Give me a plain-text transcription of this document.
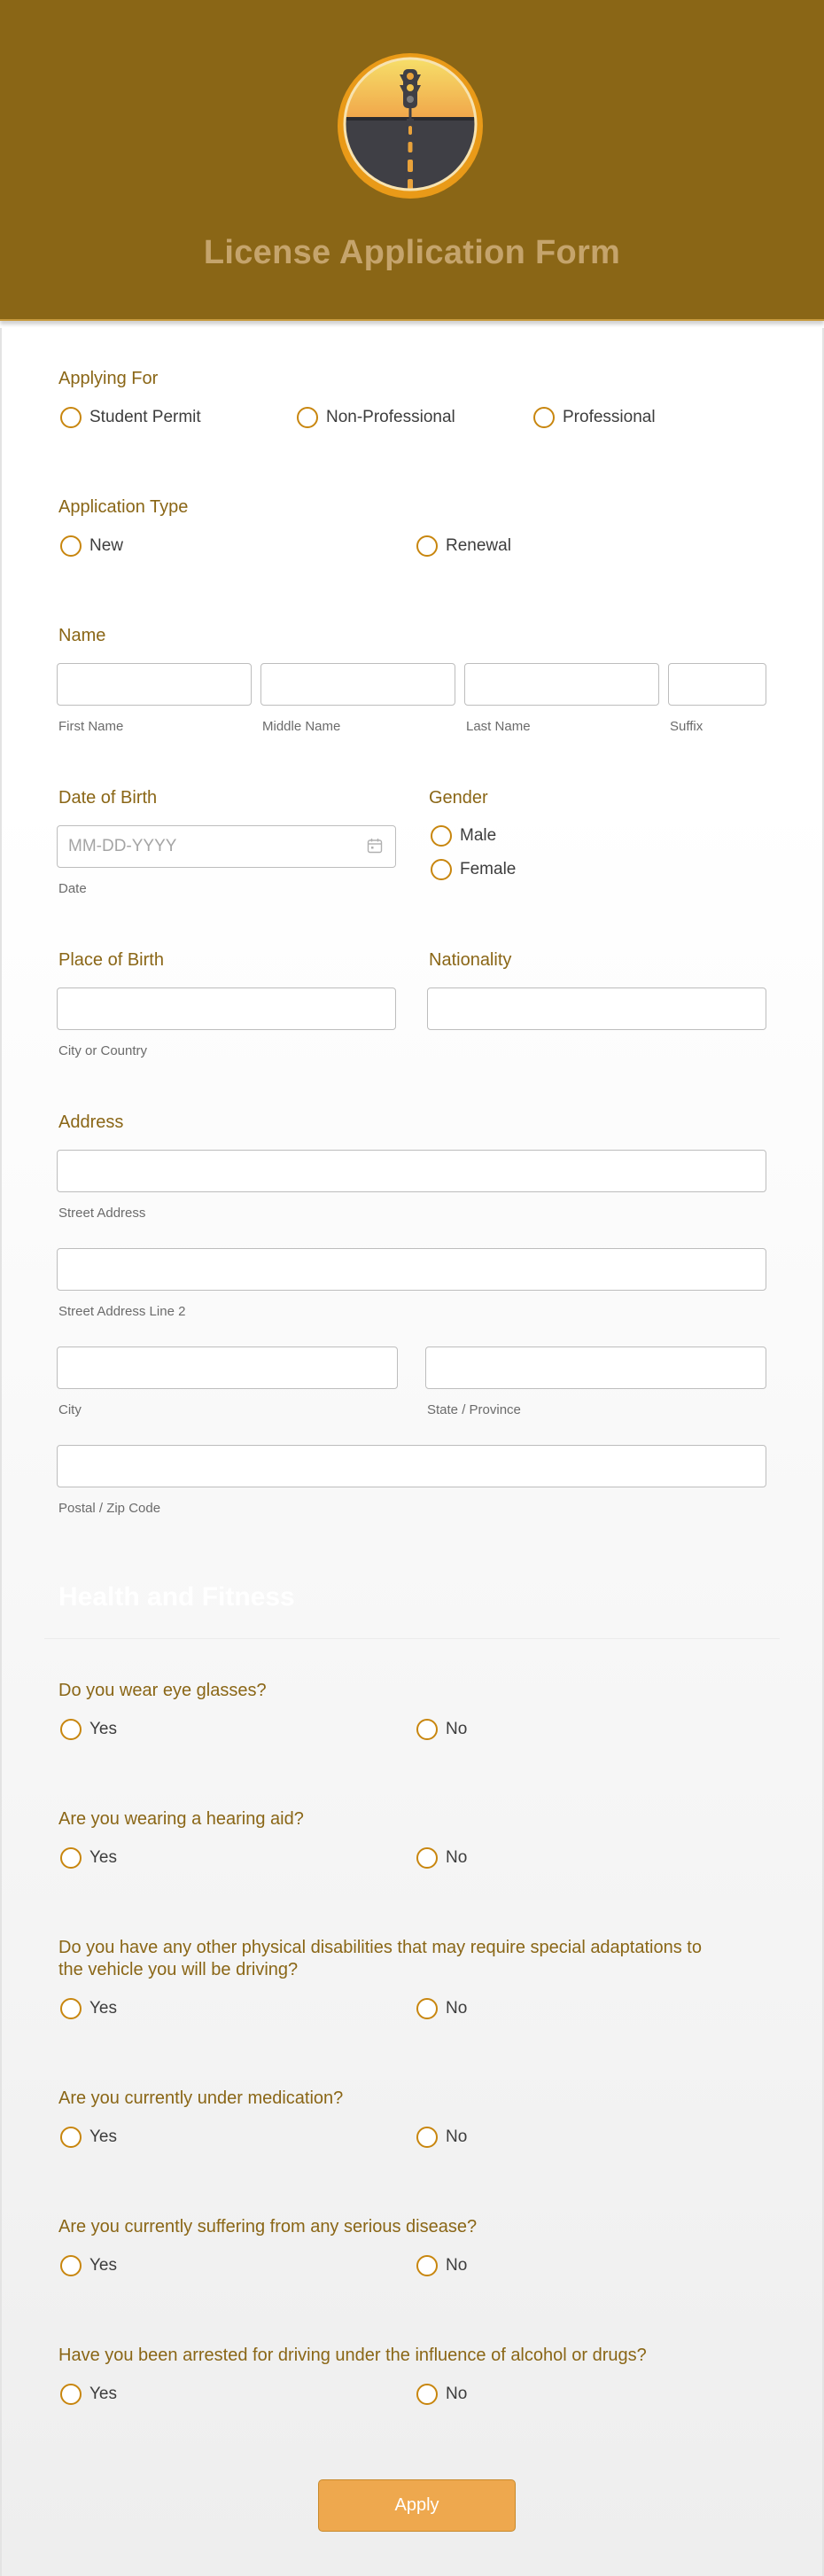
License Application Form
Applying For
Student Permit	Non-Professional	Professional
Application Type
New	Renewal
Name
First Name	Middle Name	Last Name	Suffix
Date of Birth
MM-DD-YYYY
Date
Gender
Male
Female
Place of Birth
City or Country
Nationality
Address
Street Address
Street Address Line 2
City	State / Province
Postal / Zip Code
Health and Fitness
Do you wear eye glasses?
Yes	No
Are you wearing a hearing aid?
Yes	No
Do you have any other physical disabilities that may require special adaptations to
the vehicle you will be driving?
Yes	No
Are you currently under medication?
Yes	No
Are you currently suffering from any serious disease?
Yes	No
Have you been arrested for driving under the influence of alcohol or drugs?
Yes	No
Apply
